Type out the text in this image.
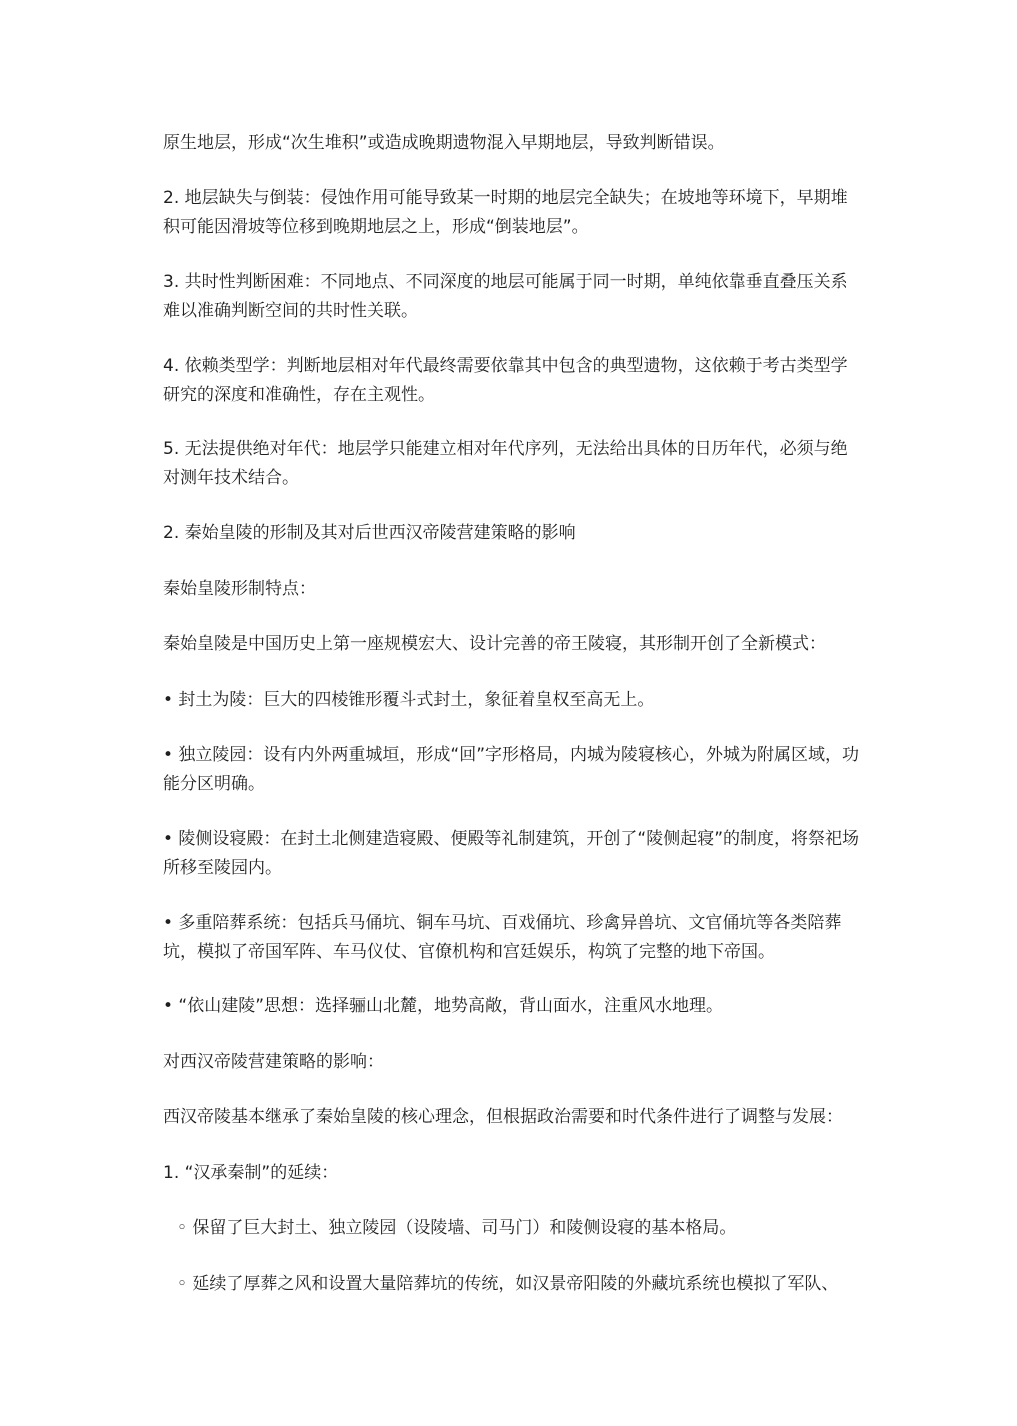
原生地层，形成“次生堆积”或造成晚期遗物混入早期地层，导致判断错误。

2. 地层缺失与倒装：侵蚀作用可能导致某一时期的地层完全缺失；在坡地等环境下，早期堆积可能因滑坡等位移到晚期地层之上，形成“倒装地层”。

3. 共时性判断困难：不同地点、不同深度的地层可能属于同一时期，单纯依靠垂直叠压关系难以准确判断空间的共时性关联。

4. 依赖类型学：判断地层相对年代最终需要依靠其中包含的典型遗物，这依赖于考古类型学研究的深度和准确性，存在主观性。

5. 无法提供绝对年代：地层学只能建立相对年代序列，无法给出具体的日历年代，必须与绝对测年技术结合。

2. 秦始皇陵的形制及其对后世西汉帝陵营建策略的影响

秦始皇陵形制特点：

秦始皇陵是中国历史上第一座规模宏大、设计完善的帝王陵寝，其形制开创了全新模式：

• 封土为陵：巨大的四棱锥形覆斗式封土，象征着皇权至高无上。

• 独立陵园：设有内外两重城垣，形成“回”字形格局，内城为陵寝核心，外城为附属区域，功能分区明确。

• 陵侧设寝殿：在封土北侧建造寝殿、便殿等礼制建筑，开创了“陵侧起寝”的制度，将祭祀场所移至陵园内。

• 多重陪葬系统：包括兵马俑坑、铜车马坑、百戏俑坑、珍禽异兽坑、文官俑坑等各类陪葬坑，模拟了帝国军阵、车马仪仗、官僚机构和宫廷娱乐，构筑了完整的地下帝国。

• “依山建陵”思想：选择骊山北麓，地势高敞，背山面水，注重风水地理。

对西汉帝陵营建策略的影响：

西汉帝陵基本继承了秦始皇陵的核心理念，但根据政治需要和时代条件进行了调整与发展：

1. “汉承秦制”的延续：

◦ 保留了巨大封土、独立陵园（设陵墙、司马门）和陵侧设寝的基本格局。

◦ 延续了厚葬之风和设置大量陪葬坑的传统，如汉景帝阳陵的外藏坑系统也模拟了军队、
